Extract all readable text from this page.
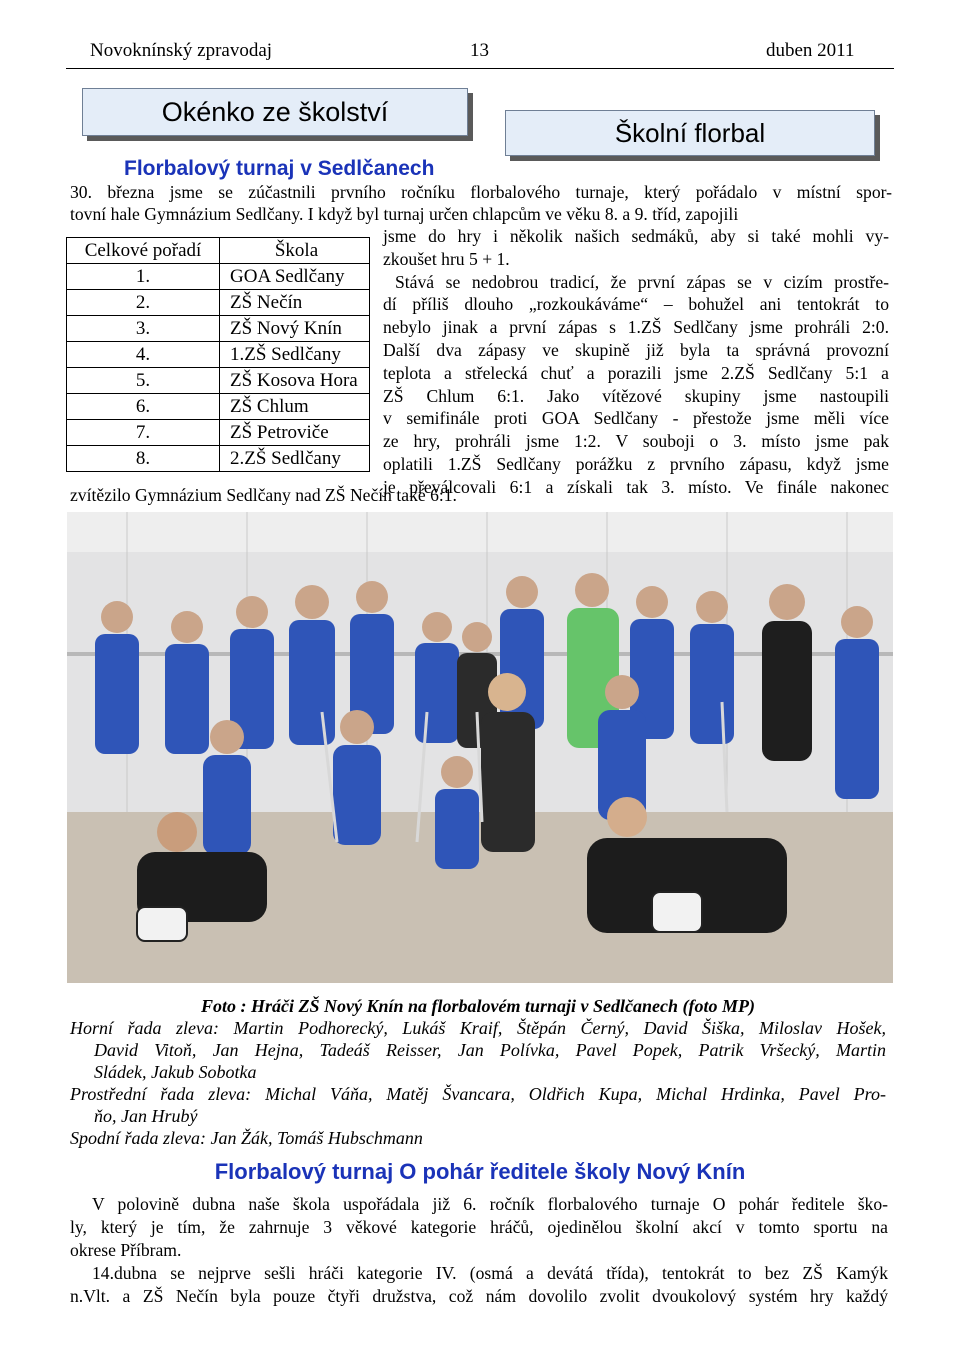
Novoknínský zpravodaj	13	duben 2011
Okénko ze školství
Školní florbal
Florbalový turnaj v Sedlčanech
30. března jsme se zúčastnili prvního ročníku florbalového turnaje, který pořádalo v místní spor-
tovní hale Gymnázium Sedlčany. I když byl turnaj určen chlapcům ve věku 8. a 9. tříd, zapojili
jsme do hry i několik našich sedmáků, aby si také mohli vy-
zkoušet hru 5 + 1.
Stává se nedobrou tradicí, že první zápas se v cizím prostře-
dí příliš dlouho „rozkoukáváme“ – bohužel ani tentokrát to
nebylo jinak a první zápas s 1.ZŠ Sedlčany jsme prohráli 2:0.
Další dva zápasy ve skupině již byla ta správná provozní
teplota a střelecká chuť a porazili jsme 2.ZŠ Sedlčany 5:1 a
ZŠ Chlum 6:1. Jako vítězové skupiny jsme nastoupili
v semifinále proti GOA Sedlčany - přestože jsme měli více
ze hry, prohráli jsme 1:2. V souboji o 3. místo jsme pak
oplatili 1.ZŠ Sedlčany porážku z prvního zápasu, když jsme
je převálcovali 6:1 a získali tak 3. místo. Ve finále nakonec
zvítězilo Gymnázium Sedlčany nad ZŠ Nečín také 6:1.
Celkové pořadí	Škola
1.	GOA Sedlčany
2.	ZŠ Nečín
3.	ZŠ Nový Knín
4.	1.ZŠ Sedlčany
5.	ZŠ Kosova Hora
6.	ZŠ Chlum
7.	ZŠ Petroviče
8.	2.ZŠ Sedlčany
Foto : Hráči ZŠ Nový Knín na florbalovém turnaji v Sedlčanech (foto MP)
Horní řada zleva: Martin Podhorecký, Lukáš Kraif, Štěpán Černý, David Šiška, Miloslav Hošek,
David Vitoň, Jan Hejna, Tadeáš Reisser, Jan Polívka, Pavel Popek, Patrik Vršecký, Martin
Sládek, Jakub Sobotka
Prostřední řada zleva: Michal Váňa, Matěj Švancara, Oldřich Kupa, Michal Hrdinka, Pavel Pro-
ňo, Jan Hrubý
Spodní řada zleva: Jan Žák, Tomáš Hubschmann
Florbalový turnaj O pohár ředitele školy Nový Knín
V polovině dubna naše škola uspořádala již 6. ročník florbalového turnaje O pohár ředitele ško-
ly, který je tím, že zahrnuje 3 věkové kategorie hráčů, ojedinělou školní akcí v tomto sportu na
okrese Příbram.
14.dubna se nejprve sešli hráči kategorie IV. (osmá a devátá třída), tentokrát to bez ZŠ Kamýk
n.Vlt. a ZŠ Nečín byla pouze čtyři družstva, což nám dovolilo zvolit dvoukolový systém hry každý
